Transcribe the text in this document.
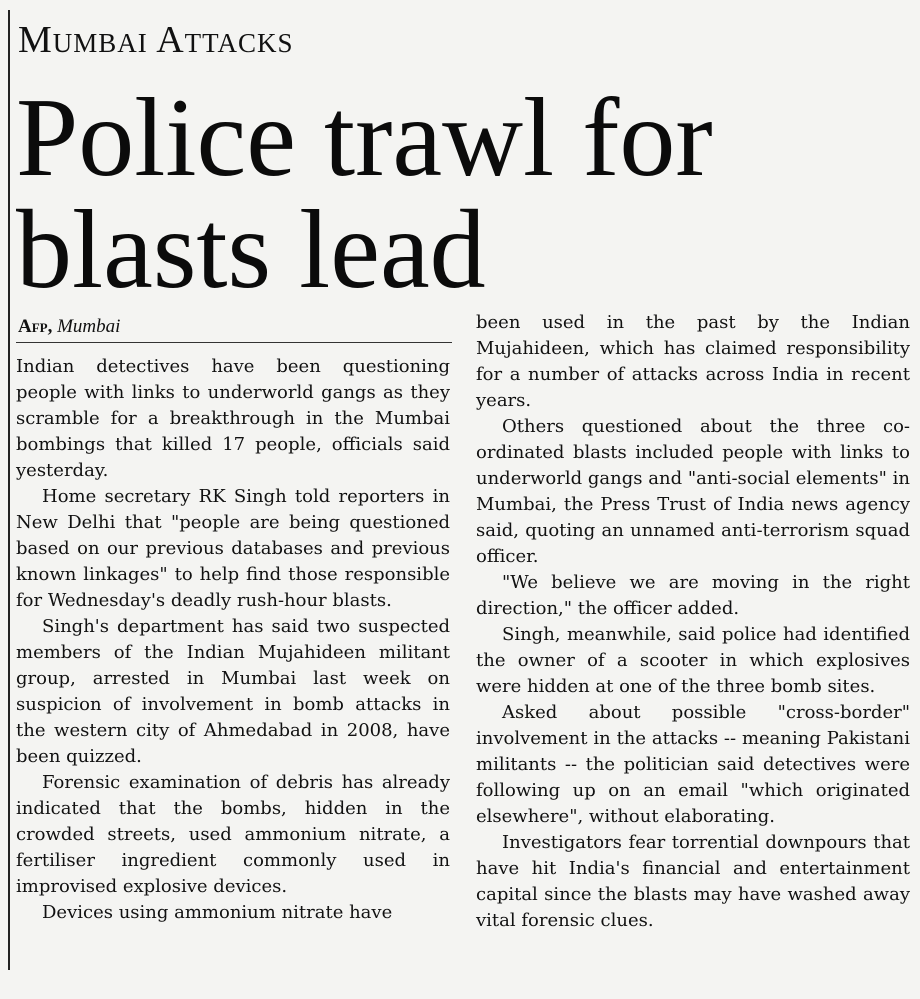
Mumbai Attacks
Police trawl for blasts lead
Afp, Mumbai

Indian detectives have been questioning people with links to underworld gangs as they scramble for a breakthrough in the Mumbai bombings that killed 17 people, officials said yesterday.

Home secretary RK Singh told reporters in New Delhi that "people are being questioned based on our previous databases and previous known linkages" to help find those responsible for Wednesday's deadly rush-hour blasts.

Singh's department has said two suspected members of the Indian Mujahideen militant group, arrested in Mumbai last week on suspicion of involvement in bomb attacks in the western city of Ahmedabad in 2008, have been quizzed.

Forensic examination of debris has already indicated that the bombs, hidden in the crowded streets, used ammonium nitrate, a fertiliser ingredient commonly used in improvised explosive devices.

Devices using ammonium nitrate have

been used in the past by the Indian Mujahideen, which has claimed responsibility for a number of attacks across India in recent years.

Others questioned about the three co-ordinated blasts included people with links to underworld gangs and "anti-social elements" in Mumbai, the Press Trust of India news agency said, quoting an unnamed anti-terrorism squad officer.

"We believe we are moving in the right direction," the officer added.

Singh, meanwhile, said police had identified the owner of a scooter in which explosives were hidden at one of the three bomb sites.

Asked about possible "cross-border" involvement in the attacks -- meaning Pakistani militants -- the politician said detectives were following up on an email "which originated elsewhere", without elaborating.

Investigators fear torrential downpours that have hit India's financial and entertainment capital since the blasts may have washed away vital forensic clues.
